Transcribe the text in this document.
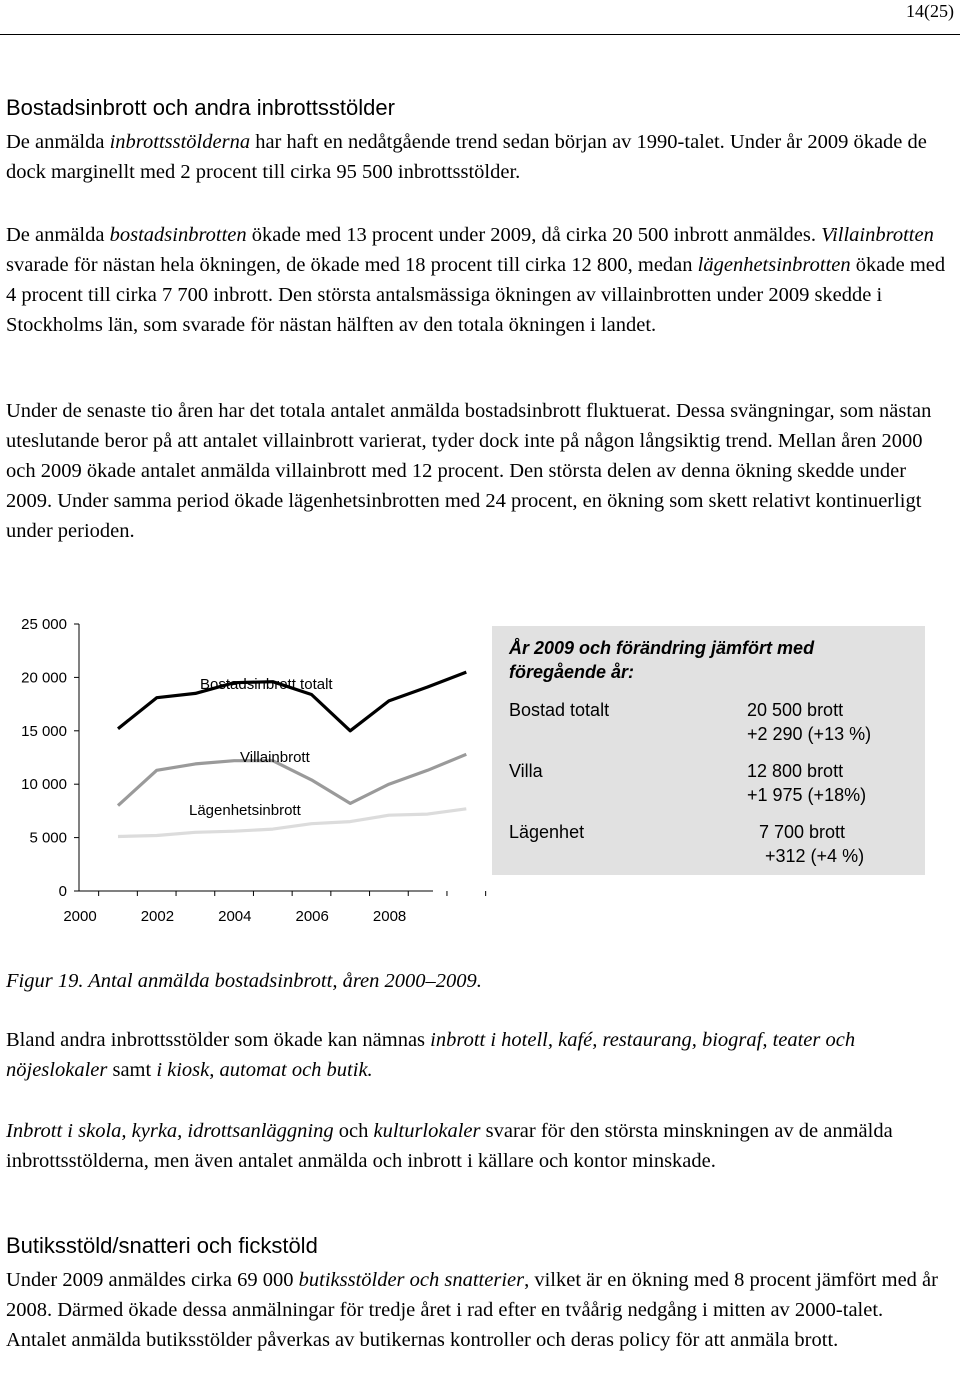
14(25)
Bostadsinbrott och andra inbrottsstölder

De anmälda inbrottsstölderna har haft en nedåtgående trend sedan början av 1990-talet. Under år 2009 ökade de dock marginellt med 2 procent till cirka 95 500 inbrottsstölder.

De anmälda bostadsinbrotten ökade med 13 procent under 2009, då cirka 20 500 inbrott anmäldes. Villainbrotten svarade för nästan hela ökningen, de ökade med 18 procent till cirka 12 800, medan lägenhetsinbrotten ökade med 4 procent till cirka 7 700 inbrott. Den största antalsmässiga ökningen av villainbrotten under 2009 skedde i Stockholms län, som svarade för nästan hälften av den totala ökningen i landet.

Under de senaste tio åren har det totala antalet anmälda bostadsinbrott fluktuerat. Dessa svängningar, som nästan uteslutande beror på att antalet villainbrott varierat, tyder dock inte på någon långsiktig trend. Mellan åren 2000 och 2009 ökade antalet anmälda villainbrott med 12 procent. Den största delen av denna ökning skedde under 2009. Under samma period ökade lägenhetsinbrotten med 24 procent, en ökning som skett relativt kontinuerligt under perioden.

0
5 000
10 000
15 000
20 000
25 000
2000	2002	2004	2006	2008
Bostadsinbrott totalt
Villainbrott
Lägenhetsinbrott
År 2009 och förändring jämfört med föregående år:
Bostad totalt	20 500 brott
+2 290 (+13 %)
Villa	12 800 brott
+1 975 (+18%)
Lägenhet	7 700 brott
+312 (+4 %)
Figur 19. Antal anmälda bostadsinbrott, åren 2000–2009.

Bland andra inbrottsstölder som ökade kan nämnas inbrott i hotell, kafé, restaurang, biograf, teater och nöjeslokaler samt i kiosk, automat och butik.

Inbrott i skola, kyrka, idrottsanläggning och kulturlokaler svarar för den största minskningen av de anmälda inbrottsstölderna, men även antalet anmälda och inbrott i källare och kontor minskade.

Butiksstöld/snatteri och fickstöld

Under 2009 anmäldes cirka 69 000 butiksstölder och snatterier, vilket är en ökning med 8 procent jämfört med år 2008. Därmed ökade dessa anmälningar för tredje året i rad efter en tvåårig nedgång i mitten av 2000-talet. Antalet anmälda butiksstölder påverkas av butikernas kontroller och deras policy för att anmäla brott.
